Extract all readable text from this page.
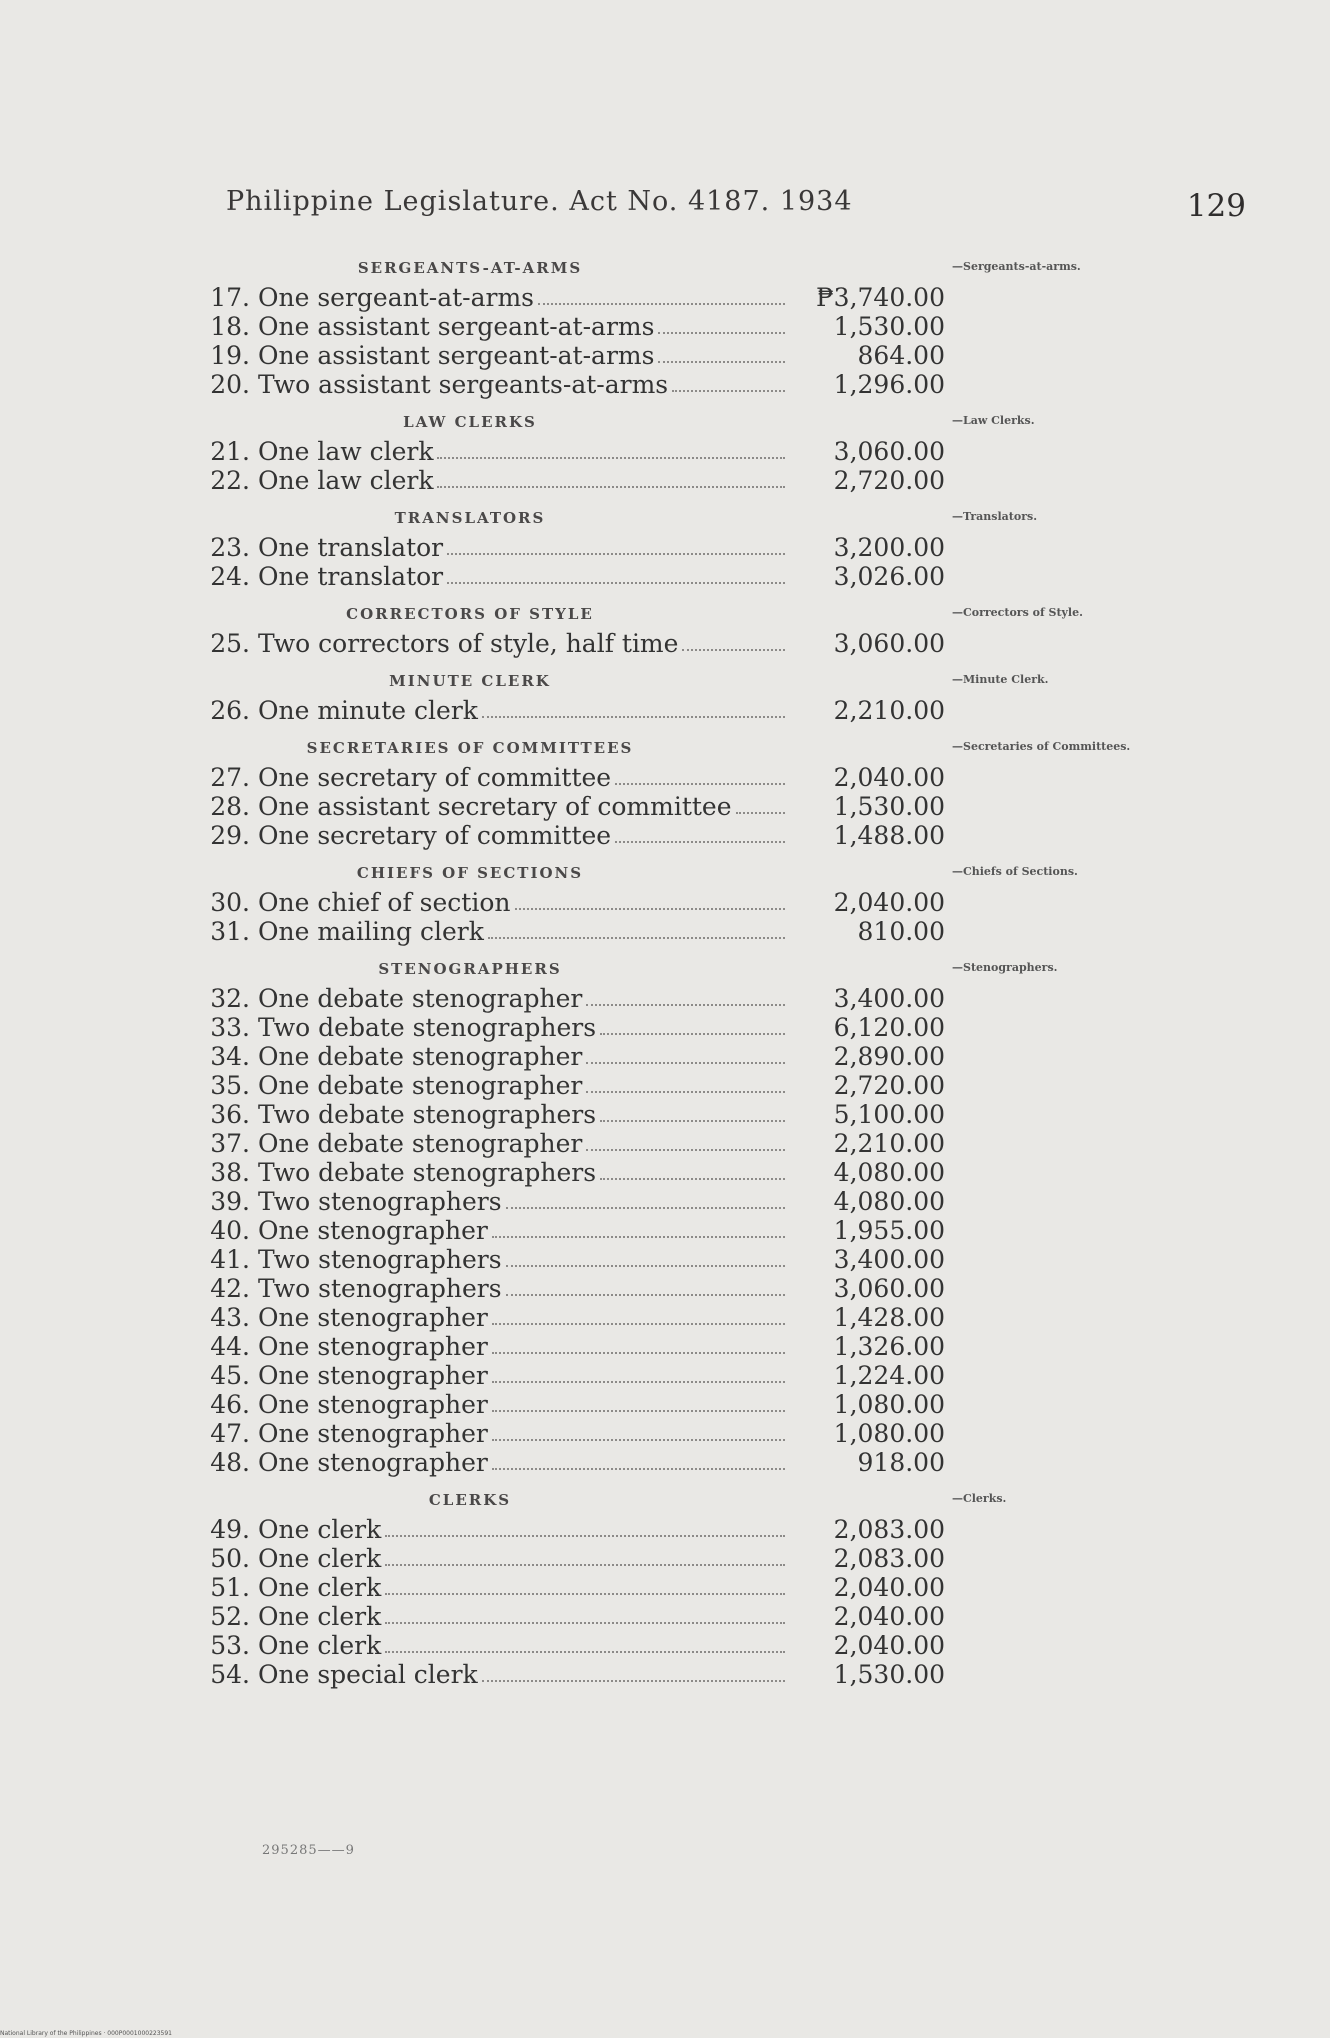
Philippine Legislature. Act No. 4187. 1934	129
SERGEANTS-AT-ARMS	—Sergeants-at-arms.
17. One sergeant-at-arms	₱3,740.00
18. One assistant sergeant-at-arms	1,530.00
19. One assistant sergeant-at-arms	864.00
20. Two assistant sergeants-at-arms	1,296.00
LAW CLERKS	—Law Clerks.
21. One law clerk	3,060.00
22. One law clerk	2,720.00
TRANSLATORS	—Translators.
23. One translator	3,200.00
24. One translator	3,026.00
CORRECTORS OF STYLE	—Correctors of Style.
25. Two correctors of style, half time	3,060.00
MINUTE CLERK	—Minute Clerk.
26. One minute clerk	2,210.00
SECRETARIES OF COMMITTEES	—Secretaries of Committees.
27. One secretary of committee	2,040.00
28. One assistant secretary of committee	1,530.00
29. One secretary of committee	1,488.00
CHIEFS OF SECTIONS	—Chiefs of Sections.
30. One chief of section	2,040.00
31. One mailing clerk	810.00
STENOGRAPHERS	—Stenographers.
32. One debate stenographer	3,400.00
33. Two debate stenographers	6,120.00
34. One debate stenographer	2,890.00
35. One debate stenographer	2,720.00
36. Two debate stenographers	5,100.00
37. One debate stenographer	2,210.00
38. Two debate stenographers	4,080.00
39. Two stenographers	4,080.00
40. One stenographer	1,955.00
41. Two stenographers	3,400.00
42. Two stenographers	3,060.00
43. One stenographer	1,428.00
44. One stenographer	1,326.00
45. One stenographer	1,224.00
46. One stenographer	1,080.00
47. One stenographer	1,080.00
48. One stenographer	918.00
CLERKS	—Clerks.
49. One clerk	2,083.00
50. One clerk	2,083.00
51. One clerk	2,040.00
52. One clerk	2,040.00
53. One clerk	2,040.00
54. One special clerk	1,530.00
295285——9
National Library of the Philippines · 000P0001000223591
